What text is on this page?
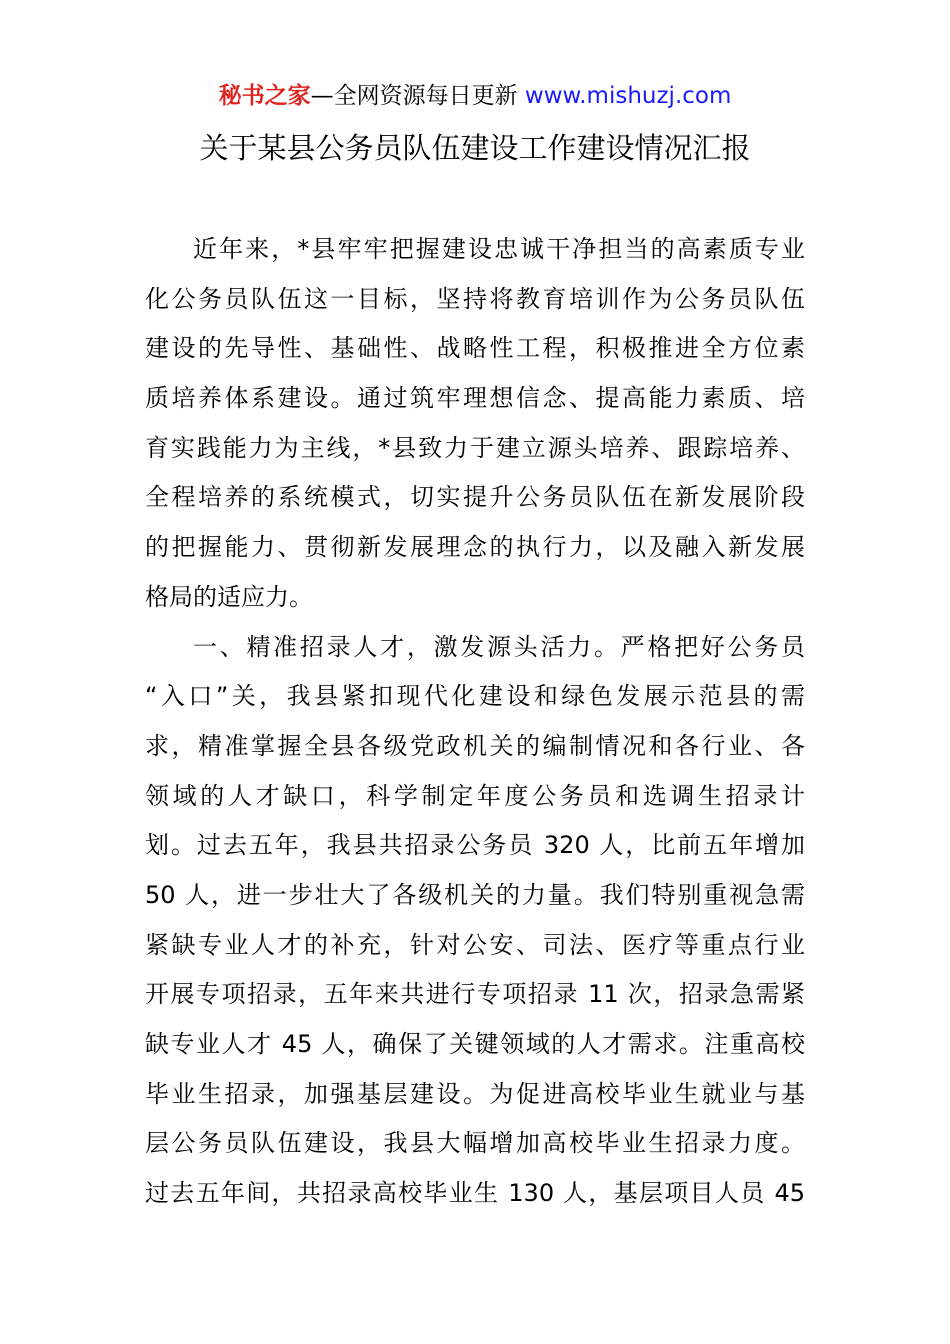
秘书之家—全网资源每日更新 www.mishuzj.com
关于某县公务员队伍建设工作建设情况汇报
近年来，*县牢牢把握建设忠诚干净担当的高素质专业
化公务员队伍这一目标，坚持将教育培训作为公务员队伍
建设的先导性、基础性、战略性工程，积极推进全方位素
质培养体系建设。通过筑牢理想信念、提高能力素质、培
育实践能力为主线，*县致力于建立源头培养、跟踪培养、
全程培养的系统模式，切实提升公务员队伍在新发展阶段
的把握能力、贯彻新发展理念的执行力，以及融入新发展
格局的适应力。
一、精准招录人才，激发源头活力。严格把好公务员
“入口”关，我县紧扣现代化建设和绿色发展示范县的需
求，精准掌握全县各级党政机关的编制情况和各行业、各
领域的人才缺口，科学制定年度公务员和选调生招录计
划。过去五年，我县共招录公务员 320 人，比前五年增加
50 人，进一步壮大了各级机关的力量。我们特别重视急需
紧缺专业人才的补充，针对公安、司法、医疗等重点行业
开展专项招录，五年来共进行专项招录 11 次，招录急需紧
缺专业人才 45 人，确保了关键领域的人才需求。注重高校
毕业生招录，加强基层建设。为促进高校毕业生就业与基
层公务员队伍建设，我县大幅增加高校毕业生招录力度。
过去五年间，共招录高校毕业生 130 人，基层项目人员 45
